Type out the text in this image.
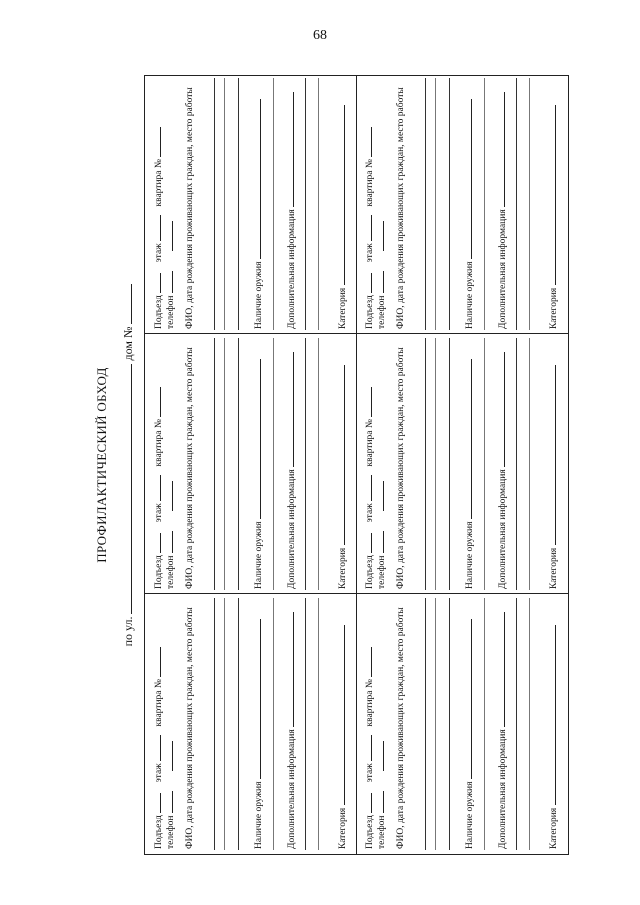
68
ПРОФИЛАКТИЧЕСКИЙ ОБХОД
по ул.  дом №
Подъезд  этаж  квартира №
телефон ФИО, дата рождения проживающих граждан, место работы	Наличие оружия	Дополнительная информация	Категория
Подъезд  этаж  квартира №
телефон ФИО, дата рождения проживающих граждан, место работы	Наличие оружия	Дополнительная информация	Категория
Подъезд  этаж  квартира №
телефон ФИО, дата рождения проживающих граждан, место работы	Наличие оружия	Дополнительная информация	Категория
Подъезд  этаж  квартира №
телефон ФИО, дата рождения проживающих граждан, место работы	Наличие оружия	Дополнительная информация	Категория
Подъезд  этаж  квартира №
телефон ФИО, дата рождения проживающих граждан, место работы	Наличие оружия	Дополнительная информация	Категория
Подъезд  этаж  квартира №
телефон ФИО, дата рождения проживающих граждан, место работы	Наличие оружия	Дополнительная информация	Категория
